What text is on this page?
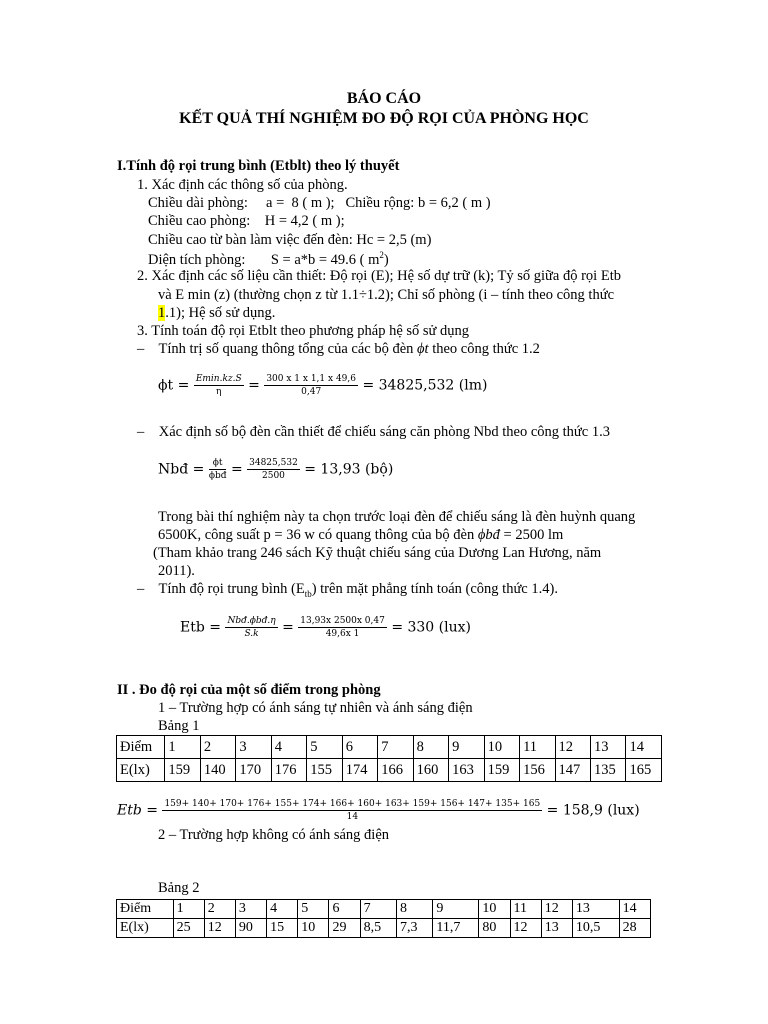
BÁO CÁO
KẾT QUẢ THÍ NGHIỆM ĐO ĐỘ RỌI CỦA PHÒNG HỌC
I.Tính độ rọi trung bình (Etblt) theo lý thuyết
1. Xác định các thông số của phòng.
Chiều dài phòng:     a =  8 ( m );   Chiều rộng: b = 6,2 ( m )
Chiều cao phòng:    H = 4,2 ( m );
Chiều cao từ bàn làm việc đến đèn: Hc = 2,5 (m)
Diện tích phòng:       S = a*b = 49.6 ( $m^2$)
2. Xác định các số liệu cần thiết: Độ rọi (E); Hệ số dự trữ (k); Tỷ số giữa độ rọi Etb
và E min (z) (thường chọn z từ 1.1÷1.2); Chỉ số phòng (i – tính theo công thức
1.1); Hệ số sử dụng.
3. Tính toán độ rọi Etblt theo phương pháp hệ số sử dụng
–    Tính trị số quang thông tổng của các bộ đèn ϕt theo công thức 1.2
$\phi t = \frac{Emin.kz.S}{\eta} = \frac{300 x 1 x 1,1 x 49,6}{0,47} = 34825,532$ (lm)
–    Xác định số bộ đèn cần thiết để chiếu sáng căn phòng Nbd theo công thức 1.3
Nbđ = $\frac{\phi t}{\text{ϕbđ}} = \frac{34825,532}{2500} = 13,93$ (bộ)
Trong bài thí nghiệm này ta chọn trước loại đèn để chiếu sáng là đèn huỳnh quang
6500K, công suất p = 36 w có quang thông của bộ đèn ϕbđ = 2500 lm
(Tham khảo trang 246 sách Kỹ thuật chiếu sáng của Dương Lan Hương, năm
2011).
–    Tính độ rọi trung bình $(E_{tb})$ trên mặt phẳng tính toán (công thức 1.4).
Etb = $\frac{\text{Nbđ.ϕbđ.η}}{S.k} = \frac{13,93x 2500x 0,47}{49,6x 1} = 330$ (lux)
II . Đo độ rọi của một số điểm trong phòng
1 – Trường hợp có ánh sáng tự nhiên và ánh sáng điện
Bảng 1
Điểm	1	2	3	4	5	6	7	8	9	10	11	12	13	14
E(lx)	159	140	170	176	155	174	166	160	163	159	156	147	135	165
Etb = 159+ 140+ 170+ 176+ 155+ 174+ 166+ 160+ 163+ 159+ 156+ 147+ 135+ 165
14	= 158,9 (lux)
2 – Trường hợp không có ánh sáng điện
Bảng 2
Điểm	1	2	3	4	5	6	7	8	9	10	11	12	13	14
E(lx)	25	12	90	15	10	29	8,5	7,3	11,7	80	12	13	10,5	28
